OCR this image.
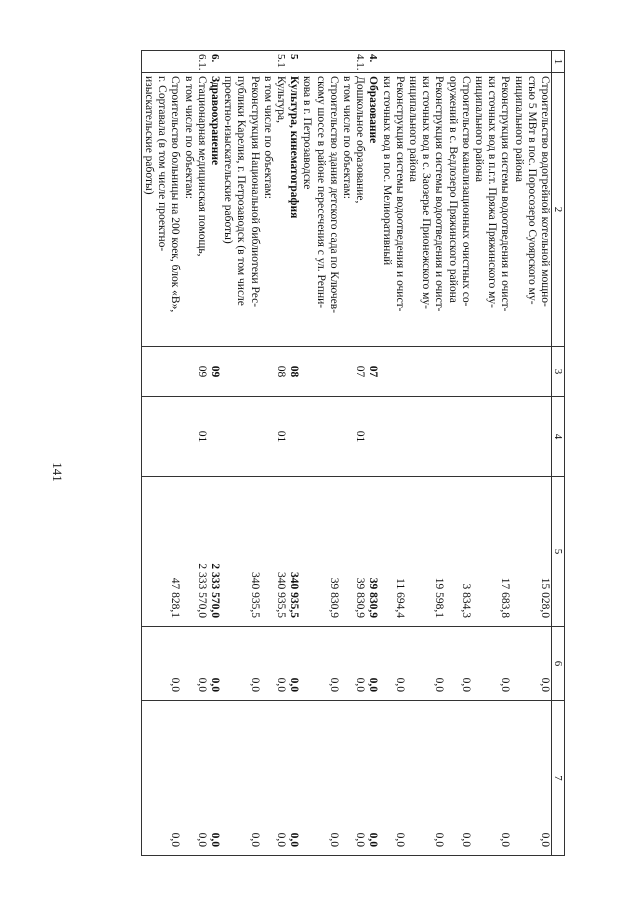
141
1	2	3	4	5	6	7

	Строительство водогрейной котельной мощно-
стью 5 МВт в пос. Поросозеро Суоярского му-
ниципального района			15 028,0	0,0	0,0

	Реконструкция системы водоотведения и очист-
ки сточных вод в п.г.т. Пряжа Пряжинского му-
ниципального района			17 683,8	0,0	0,0

	Строительство канализационных очистных со-
оружений в с. Ведлозеро Пряжинского района			3 834,3	0,0	0,0

	Реконструкция системы водоотведения и очист-
ки сточных вод в с. Заозерье Прионежского му-
ниципального района			19 598,1	0,0	0,0

	Реконструкция системы водоотведения и очист-
ки сточных вод в пос. Мелиоративный			11 694,4	0,0	0,0
4.	Образование	07		39 830,9	0,0	0,0
4.1.	Дошкольное образование,	07	01	39 830,9	0,0	0,0

	в том числе по объектам:					

	Строительство здания детского сада по Ключев-
скому шоссе в районе пересечения с ул. Репни-
кова в г. Петрозаводске			39 830,9	0,0	0,0
5	Культура, кинематография	08		340 935,5	0,0	0,0
5.1	Культура,	08	01	340 935,5	0,0	0,0

	в том числе по объектам:					

	Реконструкция Национальной библиотеки Рес-
публики Карелия, г. Петрозаводск (в том числе
проектно-изыскательские работы)			340 935,5	0,0	0,0
6.	Здравоохранение	09		2 333 570,0	0,0	0,0
6.1.	Стационарная медицинская помощь,	09	01	2 333 570,0	0,0	0,0

	в том числе по объектам:					

	Строительство больницы на 200 коек, блок «В»,
г. Сортавала (в том числе проектно-
изыскательские работы)			47 828,1	0,0	0,0
